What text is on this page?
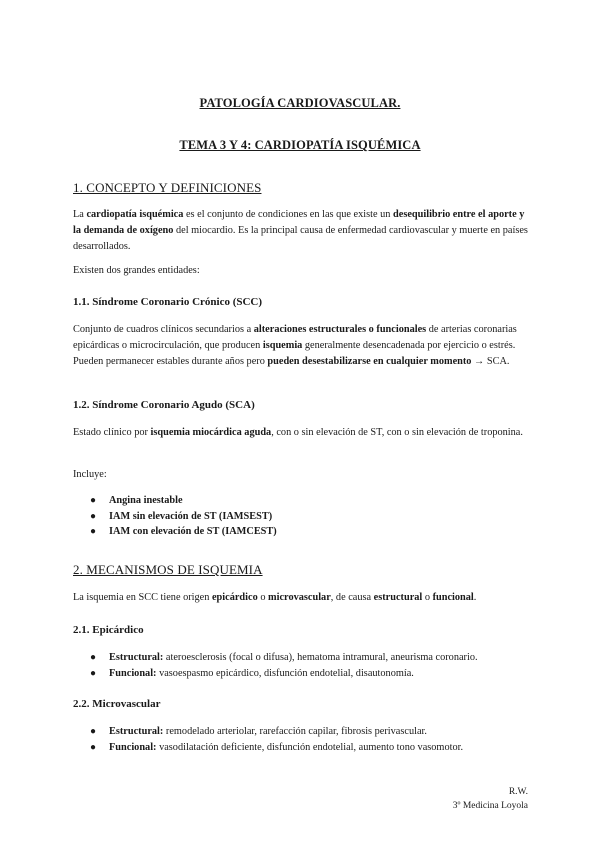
PATOLOGÍA CARDIOVASCULAR.
TEMA 3 Y 4: CARDIOPATÍA ISQUÉMICA
1. CONCEPTO Y DEFINICIONES
La cardiopatía isquémica es el conjunto de condiciones en las que existe un desequilibrio entre el aporte y la demanda de oxígeno del miocardio. Es la principal causa de enfermedad cardiovascular y muerte en países desarrollados.
Existen dos grandes entidades:
1.1. Síndrome Coronario Crónico (SCC)
Conjunto de cuadros clínicos secundarios a alteraciones estructurales o funcionales de arterias coronarias epicárdicas o microcirculación, que producen isquemia generalmente desencadenada por ejercicio o estrés. Pueden permanecer estables durante años pero pueden desestabilizarse en cualquier momento → SCA.
1.2. Síndrome Coronario Agudo (SCA)
Estado clínico por isquemia miocárdica aguda, con o sin elevación de ST, con o sin elevación de troponina.
Incluye:
● Angina inestable
● IAM sin elevación de ST (IAMSEST)
● IAM con elevación de ST (IAMCEST)
2. MECANISMOS DE ISQUEMIA
La isquemia en SCC tiene origen epicárdico o microvascular, de causa estructural o funcional.
2.1. Epicárdico
● Estructural: ateroesclerosis (focal o difusa), hematoma intramural, aneurisma coronario.
● Funcional: vasoespasmo epicárdico, disfunción endotelial, disautonomía.
2.2. Microvascular
● Estructural: remodelado arteriolar, rarefacción capilar, fibrosis perivascular.
● Funcional: vasodilatación deficiente, disfunción endotelial, aumento tono vasomotor.
R.W.
3º Medicina Loyola
